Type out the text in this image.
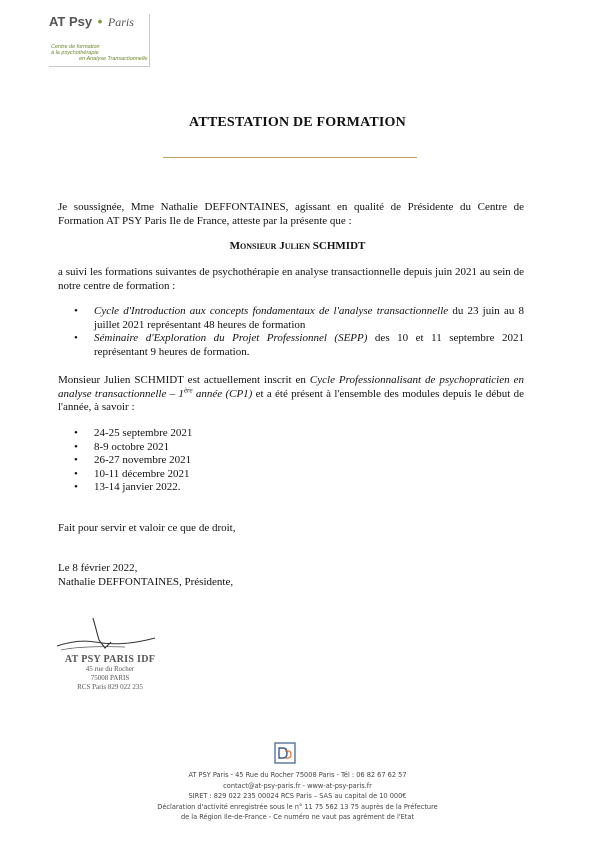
AT Psy • Paris
Centre de formation
à la psychothérapie
en Analyse Transactionnelle
ATTESTATION DE FORMATION
Je soussignée, Mme Nathalie DEFFONTAINES, agissant en qualité de Présidente du Centre de Formation AT PSY Paris Ile de France, atteste par la présente que :
Monsieur Julien SCHMIDT
a suivi les formations suivantes de psychothérapie en analyse transactionnelle depuis juin 2021 au sein de notre centre de formation :
• Cycle d'Introduction aux concepts fondamentaux de l'analyse transactionnelle du 23 juin au 8 juillet 2021 représentant 48 heures de formation
• Séminaire d'Exploration du Projet Professionnel (SEPP) des 10 et 11 septembre 2021 représentant 9 heures de formation.
Monsieur Julien SCHMIDT est actuellement inscrit en Cycle Professionnalisant de psychopraticien en analyse transactionnelle – 1ère année (CP1) et a été présent à l'ensemble des modules depuis le début de l'année, à savoir :
• 24-25 septembre 2021
• 8-9 octobre 2021
• 26-27 novembre 2021
• 10-11 décembre 2021
• 13-14 janvier 2022.
Fait pour servir et valoir ce que de droit,
Le 8 février 2022,
Nathalie DEFFONTAINES, Présidente,
AT PSY PARIS IDF
45 rue du Rocher
75008 PARIS
RCS Paris 829 022 235
AT PSY Paris - 45 Rue du Rocher 75008 Paris - Tél : 06 82 67 62 57
contact@at-psy-paris.fr - www-at-psy-paris.fr
SIRET : 829 022 235 00024 RCS Paris – SAS au capital de 10 000€
Déclaration d'activité enregistrée sous le n° 11 75 562 13 75 auprès de la Préfecture
de la Région Ile-de-France - Ce numéro ne vaut pas agrément de l'Etat
